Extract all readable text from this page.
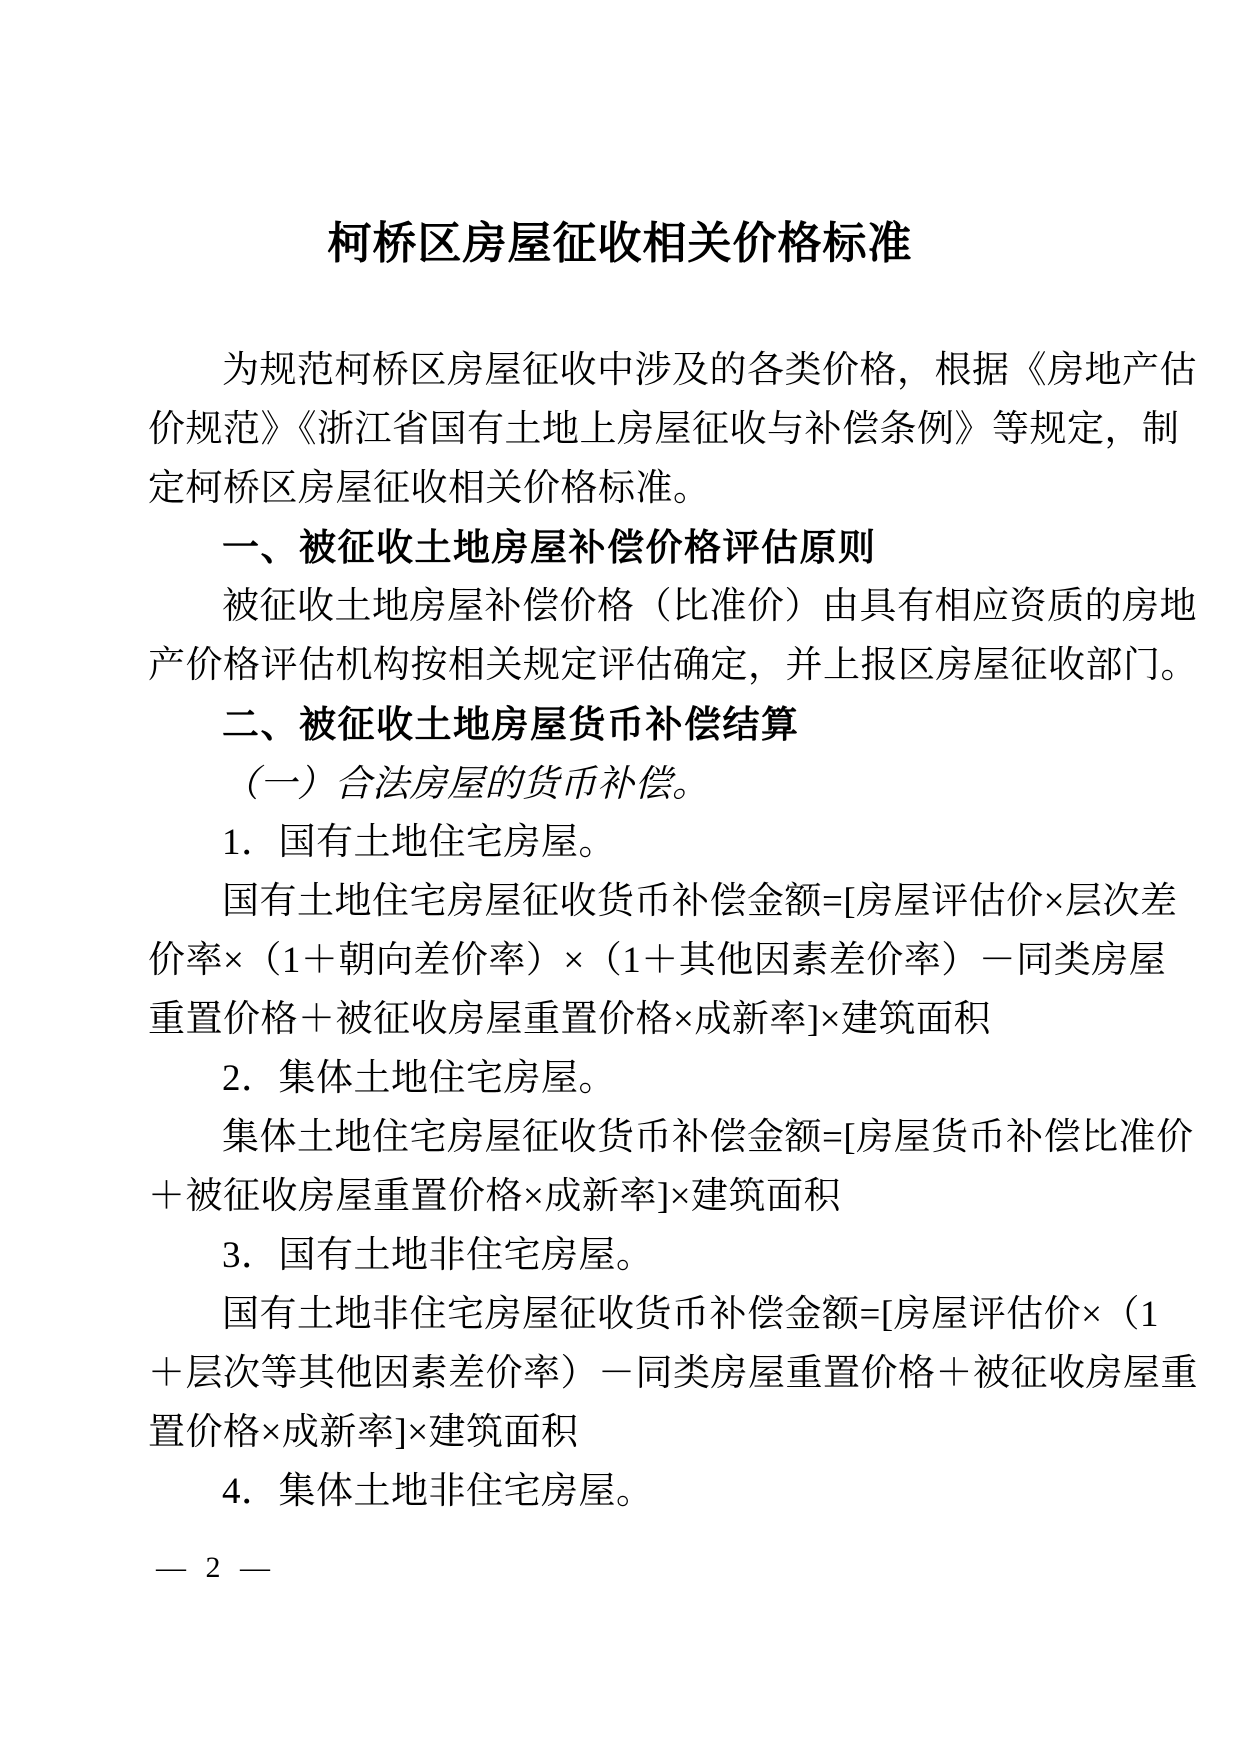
柯桥区房屋征收相关价格标准
为规范柯桥区房屋征收中涉及的各类价格，根据《房地产估
价规范》《浙江省国有土地上房屋征收与补偿条例》等规定，制
定柯桥区房屋征收相关价格标准。
一、被征收土地房屋补偿价格评估原则
被征收土地房屋补偿价格（比准价）由具有相应资质的房地
产价格评估机构按相关规定评估确定，并上报区房屋征收部门。
二、被征收土地房屋货币补偿结算
（一）合法房屋的货币补偿。
1．国有土地住宅房屋。
国有土地住宅房屋征收货币补偿金额=[房屋评估价×层次差
价率×（1＋朝向差价率）×（1＋其他因素差价率）－同类房屋
重置价格＋被征收房屋重置价格×成新率]×建筑面积
2．集体土地住宅房屋。
集体土地住宅房屋征收货币补偿金额=[房屋货币补偿比准价
＋被征收房屋重置价格×成新率]×建筑面积
3．国有土地非住宅房屋。
国有土地非住宅房屋征收货币补偿金额=[房屋评估价×（1
＋层次等其他因素差价率）－同类房屋重置价格＋被征收房屋重
置价格×成新率]×建筑面积
4．集体土地非住宅房屋。
— 2 —
